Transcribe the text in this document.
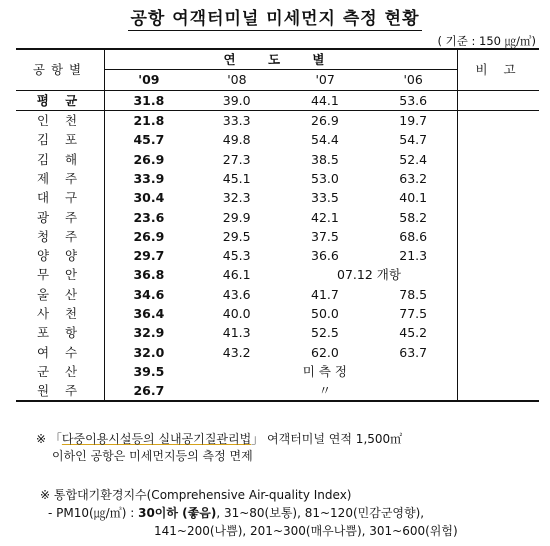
공항 여객터미널 미세먼지 측정 현황
( 기준 : 150 ㎍/㎥)
공항별	연 도 별				비 고
	'09	'08	'07	'06	
평 균	31.8	39.0	44.1	53.6	
인 천	21.8	33.3	26.9	19.7	
김 포	45.7	49.8	54.4	54.7	
김 해	26.9	27.3	38.5	52.4	
제 주	33.9	45.1	53.0	63.2	
대 구	30.4	32.3	33.5	40.1	
광 주	23.6	29.9	42.1	58.2	
청 주	26.9	29.5	37.5	68.6	
양 양	29.7	45.3	36.6	21.3	
무 안	36.8	46.1	07.12 개항		
울 산	34.6	43.6	41.7	78.5	
사 천	36.4	40.0	50.0	77.5	
포 항	32.9	41.3	52.5	45.2	
여 수	32.0	43.2	62.0	63.7	
군 산	39.5	미 측 정			
원 주	26.7	〃			
※ 「다중이용시설등의 실내공기질관리법」 여객터미널 연적 1,500㎡
이하인 공항은 미세먼지등의 측정 면제
※ 통합대기환경지수(Comprehensive Air-quality Index)
- PM10(㎍/㎥) : 30이하 (좋음), 31~80(보통), 81~120(민감군영향),
141~200(나쁨), 201~300(매우나쁨), 301~600(위험)
